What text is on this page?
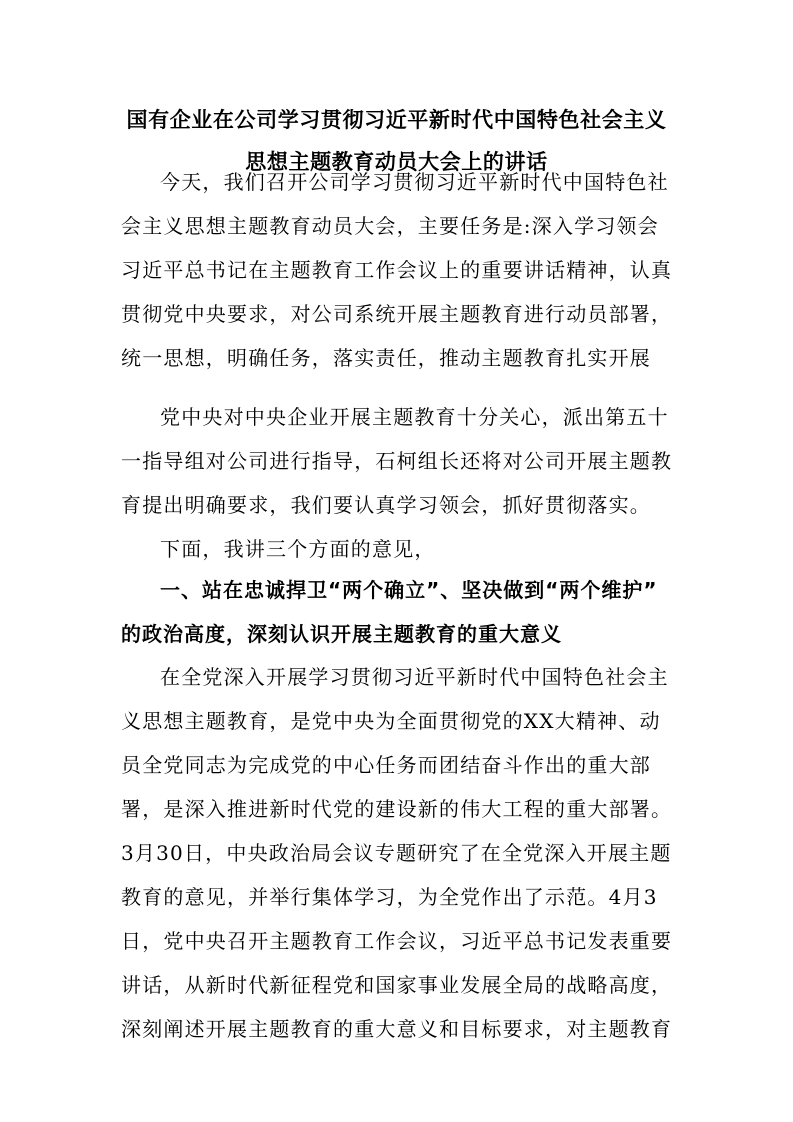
国有企业在公司学习贯彻习近平新时代中国特色社会主义
思想主题教育动员大会上的讲话
今天，我们召开公司学习贯彻习近平新时代中国特色社
会主义思想主题教育动员大会，主要任务是:深入学习领会
习近平总书记在主题教育工作会议上的重要讲话精神，认真
贯彻党中央要求，对公司系统开展主题教育进行动员部署，
统一思想，明确任务，落实责任，推动主题教育扎实开展
党中央对中央企业开展主题教育十分关心，派出第五十
一指导组对公司进行指导，石柯组长还将对公司开展主题教
育提出明确要求，我们要认真学习领会，抓好贯彻落实。
下面，我讲三个方面的意见，
一、站在忠诚捍卫“两个确立”、坚决做到“两个维护”
的政治高度，深刻认识开展主题教育的重大意义
在全党深入开展学习贯彻习近平新时代中国特色社会主
义思想主题教育，是党中央为全面贯彻党的XX大精神、动
员全党同志为完成党的中心任务而团结奋斗作出的重大部
署，是深入推进新时代党的建设新的伟大工程的重大部署。
3月30日，中央政治局会议专题研究了在全党深入开展主题
教育的意见，并举行集体学习，为全党作出了示范。4月3
日，党中央召开主题教育工作会议，习近平总书记发表重要
讲话，从新时代新征程党和国家事业发展全局的战略高度，
深刻阐述开展主题教育的重大意义和目标要求，对主题教育
